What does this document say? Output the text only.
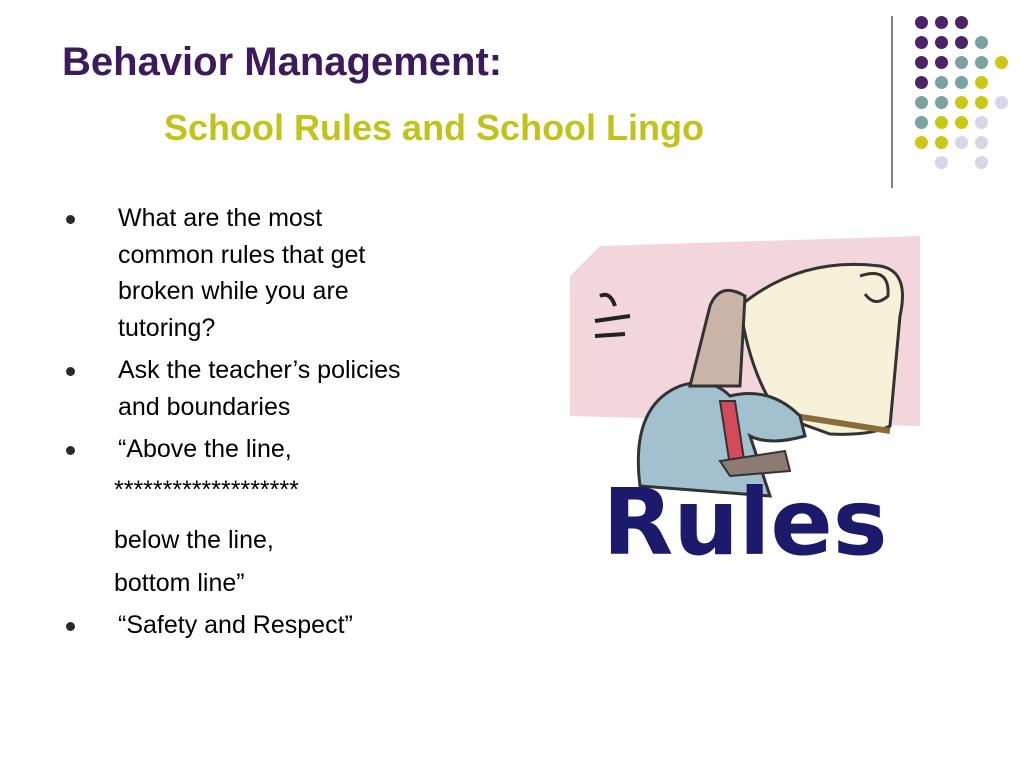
Behavior Management:
School Rules and School Lingo
What are the most
common rules that get
broken while you are
tutoring?
Ask the teacher’s policies
and boundaries
“Above the line,
*******************
below the line,
bottom line”
“Safety and Respect”
Rules
